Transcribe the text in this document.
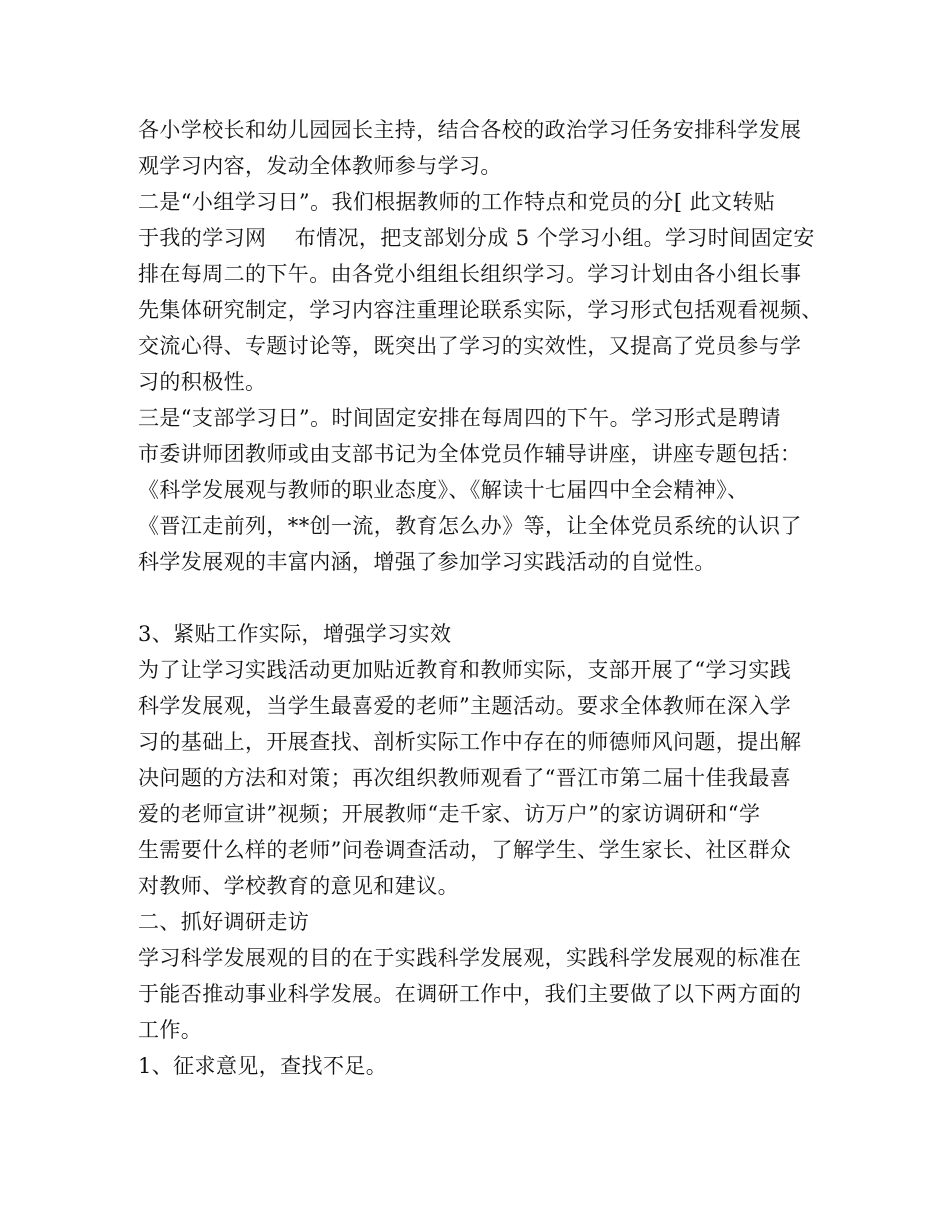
各小学校长和幼儿园园长主持，结合各校的政治学习任务安排科学发展
观学习内容，发动全体教师参与学习。
二是“小组学习日”。我们根据教师的工作特点和党员的分[ 此文转贴
于我的学习网    布情况，把支部划分成 5 个学习小组。学习时间固定安
排在每周二的下午。由各党小组组长组织学习。学习计划由各小组长事
先集体研究制定，学习内容注重理论联系实际，学习形式包括观看视频、
交流心得、专题讨论等，既突出了学习的实效性，又提高了党员参与学
习的积极性。
三是“支部学习日”。时间固定安排在每周四的下午。学习形式是聘请
市委讲师团教师或由支部书记为全体党员作辅导讲座，讲座专题包括：
《科学发展观与教师的职业态度》、《解读十七届四中全会精神》、
《晋江走前列，**创一流，教育怎么办》等，让全体党员系统的认识了
科学发展观的丰富内涵，增强了参加学习实践活动的自觉性。
3、紧贴工作实际，增强学习实效
为了让学习实践活动更加贴近教育和教师实际，支部开展了“学习实践
科学发展观，当学生最喜爱的老师”主题活动。要求全体教师在深入学
习的基础上，开展查找、剖析实际工作中存在的师德师风问题，提出解
决问题的方法和对策；再次组织教师观看了“晋江市第二届十佳我最喜
爱的老师宣讲”视频；开展教师“走千家、访万户”的家访调研和“学
生需要什么样的老师”问卷调查活动，了解学生、学生家长、社区群众
对教师、学校教育的意见和建议。
二、抓好调研走访
学习科学发展观的目的在于实践科学发展观，实践科学发展观的标准在
于能否推动事业科学发展。在调研工作中，我们主要做了以下两方面的
工作。
1、征求意见，查找不足。
